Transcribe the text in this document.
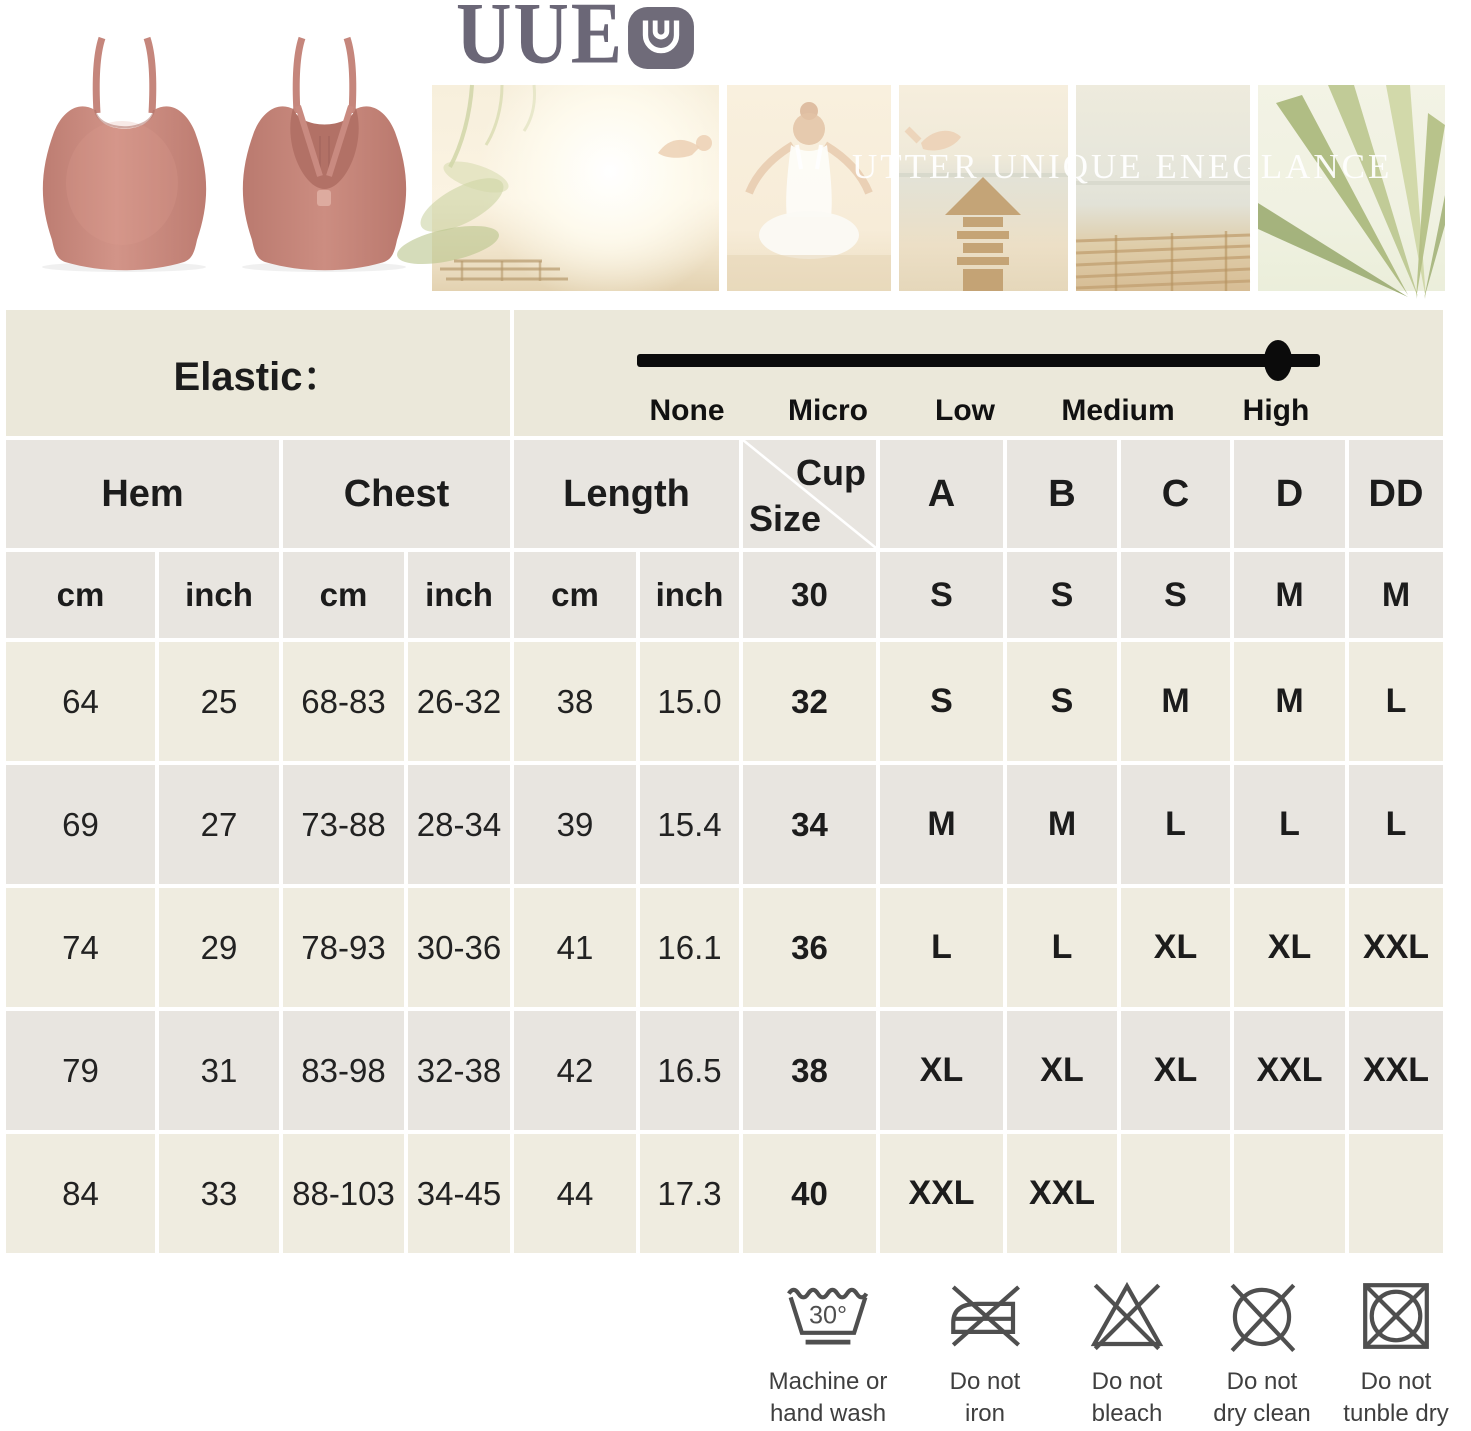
UUE
UTTER UNIQUE ENEGLANCE
Elastic：
None Micro Low Medium High
Hem	Chest	Length	Cup
Size
A	B	C	D	DD
cm	inch	cm	inch	cm	inch	30	S	S	S	M	M
64	25	68-83 26-32	38	15.0	32	S	S	M	M	L
69	27	73-88 28-34	39	15.4	34	M	M	L	L	L
74	29	78-93 30-36	41	16.1	36	L	L	XL	XL	XXL
79	31	83-98 32-38	42	16.5	38	XL	XL	XL	XXL	XXL
84	33	88-103 34-45	44	17.3	40	XXL	XXL
30°
Machine or
hand wash
Do not
iron
Do not
bleach
Do not
dry clean
Do not
tunble dry
